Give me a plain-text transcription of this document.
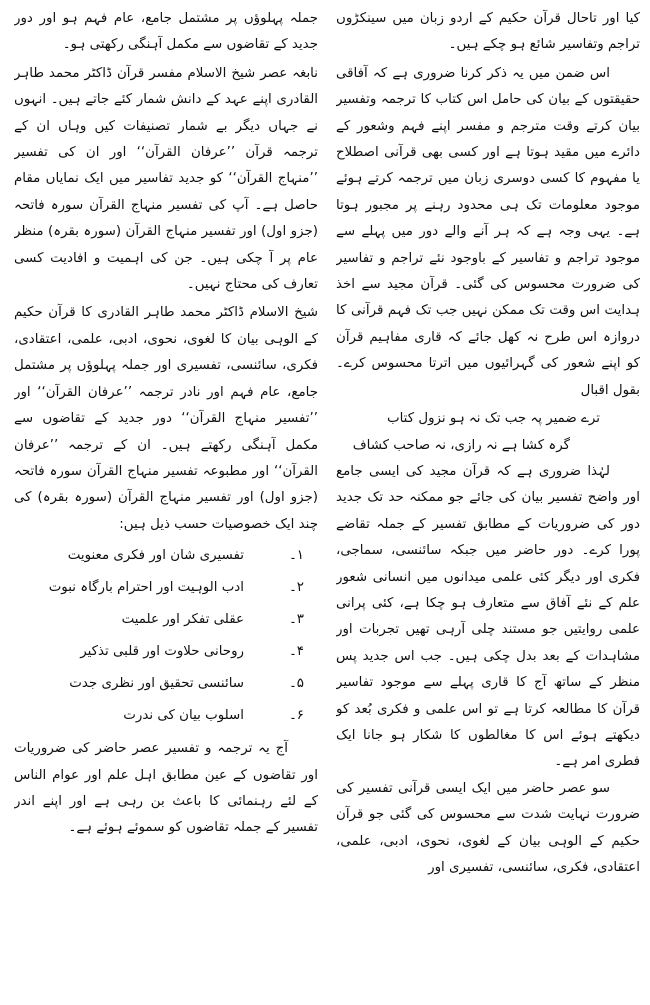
کیا اور تاحال قرآن حکیم کے اردو زبان میں سینکڑوں تراجم وتفاسیر شائع ہو چکے ہیں۔

اس ضمن میں یہ ذکر کرنا ضروری ہے کہ آفاقی حقیقتوں کے بیان کی حامل اس کتاب کا ترجمہ وتفسیر بیان کرتے وقت مترجم و مفسر اپنے فہم وشعور کے دائرے میں مقید ہوتا ہے اور کسی بھی قرآنی اصطلاح یا مفہوم کا کسی دوسری زبان میں ترجمہ کرتے ہوئے موجود معلومات تک ہی محدود رہنے پر مجبور ہوتا ہے۔ یہی وجہ ہے کہ ہر آنے والے دور میں پہلے سے موجود تراجم و تفاسیر کے باوجود نئے تراجم و تفاسیر کی ضرورت محسوس کی گئی۔ قرآن مجید سے اخذ ہدایت اس وقت تک ممکن نہیں جب تک فہم قرآنی کا دروازہ اس طرح نہ کھل جائے کہ قاری مفاہیم قرآن کو اپنے شعور کی گہرائیوں میں اترتا محسوس کرے۔ بقول اقبال

ترے ضمیر پہ جب تک نہ ہو نزول کتاب
گرہ کشا ہے نہ رازی، نہ صاحب کشاف

لہٰذا ضروری ہے کہ قرآن مجید کی ایسی جامع اور واضح تفسیر بیان کی جائے جو ممکنہ حد تک جدید دور کی ضروریات کے مطابق تفسیر کے جملہ تقاضے پورا کرے۔ دور حاضر میں جبکہ سائنسی، سماجی، فکری اور دیگر کئی علمی میدانوں میں انسانی شعور علم کے نئے آفاق سے متعارف ہو چکا ہے، کئی پرانی علمی روایتیں جو مستند چلی آرہی تھیں تجربات اور مشاہدات کے بعد بدل چکی ہیں۔ جب اس جدید پس منظر کے ساتھ آج کا قاری پہلے سے موجود تفاسیر قرآن کا مطالعہ کرتا ہے تو اس علمی و فکری بُعد کو دیکھتے ہوئے اس کا مغالطوں کا شکار ہو جانا ایک فطری امر ہے۔

سو عصر حاضر میں ایک ایسی قرآنی تفسیر کی ضرورت نہایت شدت سے محسوس کی گئی جو قرآن حکیم کے الوہی بیان کے لغوی، نحوی، ادبی، علمی، اعتقادی، فکری، سائنسی، تفسیری اور

جملہ پہلوؤں پر مشتمل جامع، عام فہم ہو اور دور جدید کے تقاضوں سے مکمل آہنگی رکھتی ہو۔

نابغہ عصر شیخ الاسلام مفسر قرآن ڈاکٹر محمد طاہر القادری اپنے عہد کے دانش شمار کئے جاتے ہیں۔ انہوں نے جہاں دیگر بے شمار تصنیفات کیں وہاں ان کے ترجمہ قرآن ’’عرفان القرآن‘‘ اور ان کی تفسیر ’’منہاج القرآن‘‘ کو جدید تفاسیر میں ایک نمایاں مقام حاصل ہے۔ آپ کی تفسیر منہاج القرآن سورہ فاتحہ (جزو اول) اور تفسیر منہاج القرآن (سورہ بقرہ) منظر عام پر آ چکی ہیں۔ جن کی اہمیت و افادیت کسی تعارف کی محتاج نہیں۔

شیخ الاسلام ڈاکٹر محمد طاہر القادری کا قرآن حکیم کے الوہی بیان کا لغوی، نحوی، ادبی، علمی، اعتقادی، فکری، سائنسی، تفسیری اور جملہ پہلوؤں پر مشتمل جامع، عام فہم اور نادر ترجمہ ’’عرفان القرآن‘‘ اور ’’تفسیر منہاج القرآن‘‘ دور جدید کے تقاضوں سے مکمل آہنگی رکھتے ہیں۔ ان کے ترجمہ ’’عرفان القرآن‘‘ اور مطبوعہ تفسیر منہاج القرآن سورہ فاتحہ (جزو اول) اور تفسیر منہاج القرآن (سورہ بقرہ) کی چند ایک خصوصیات حسب ذیل ہیں:

۱۔
تفسیری شان اور فکری معنویت
۲۔
ادب الوہیت اور احترام بارگاہ نبوت
۳۔
عقلی تفکر اور علمیت
۴۔
روحانی حلاوت اور قلبی تذکیر
۵۔
سائنسی تحقیق اور نظری جدت
۶۔
اسلوب بیان کی ندرت

آج یہ ترجمہ و تفسیر عصر حاضر کی ضروریات اور تقاضوں کے عین مطابق اہل علم اور عوام الناس کے لئے رہنمائی کا باعث بن رہی ہے اور اپنے اندر تفسیر کے جملہ تقاضوں کو سموئے ہوئے ہے۔
